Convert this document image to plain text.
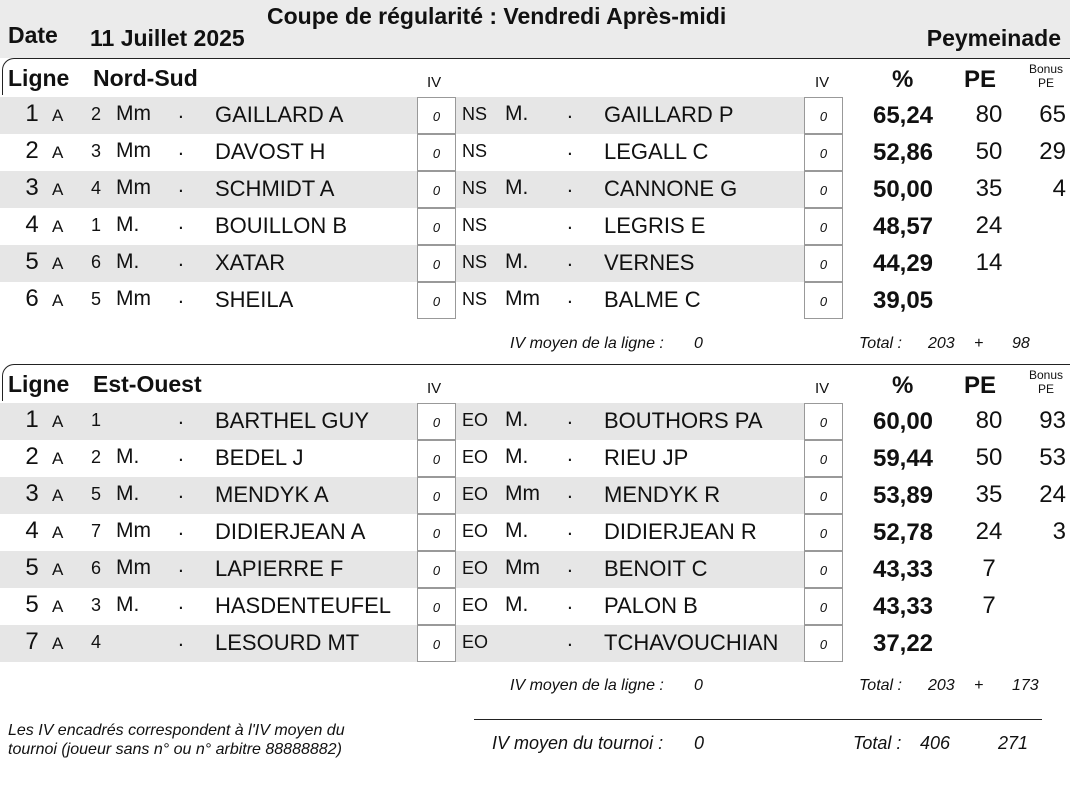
Coupe de régularité : Vendredi Après-midi
Date 11 Juillet 2025	Peymeinade
Ligne Nord-Sud	IV	IV	% PE	Bonus
PE
1 A 2 Mm . GAILLARD A	0	NS M. . GAILLARD P	0	65,24	80	65
2 A 3 Mm . DAVOST H	0	NS	. LEGALL C	0	52,86	50	29
3 A 4 Mm . SCHMIDT A	0	NS M. . CANNONE G	0	50,00	35	4
4 A 1 M. . BOUILLON B	0	NS	. LEGRIS E	0	48,57	24
5 A 6 M. . XATAR	0	NS M. . VERNES	0	44,29	14
6 A 5 Mm . SHEILA	0	NS Mm . BALME C	0	39,05
IV moyen de la ligne : 0	Total : 203 + 98
Ligne Est-Ouest	IV	IV	% PE	Bonus
PE
1 A 1	. BARTHEL GUY	0	EO M. . BOUTHORS PA	0	60,00	80	93
2 A 2 M. . BEDEL J	0	EO M. . RIEU JP	0	59,44	50	53
3 A 5 M. . MENDYK A	0	EO Mm . MENDYK R	0	53,89	35	24
4 A 7 Mm . DIDIERJEAN A	0	EO M. . DIDIERJEAN R	0	52,78	24	3
5 A 6 Mm . LAPIERRE F	0	EO Mm . BENOIT C	0	43,33	7
5 A 3 M. . HASDENTEUFEL	0	EO M. . PALON B	0	43,33	7
7 A 4	. LESOURD MT	0	EO	. TCHAVOUCHIAN	0	37,22
IV moyen de la ligne : 0	Total : 203 + 173
Les IV encadrés correspondent à l'IV moyen du
tournoi (joueur sans n° ou n° arbitre 88888882)	IV moyen du tournoi : 0	Total : 406	271
